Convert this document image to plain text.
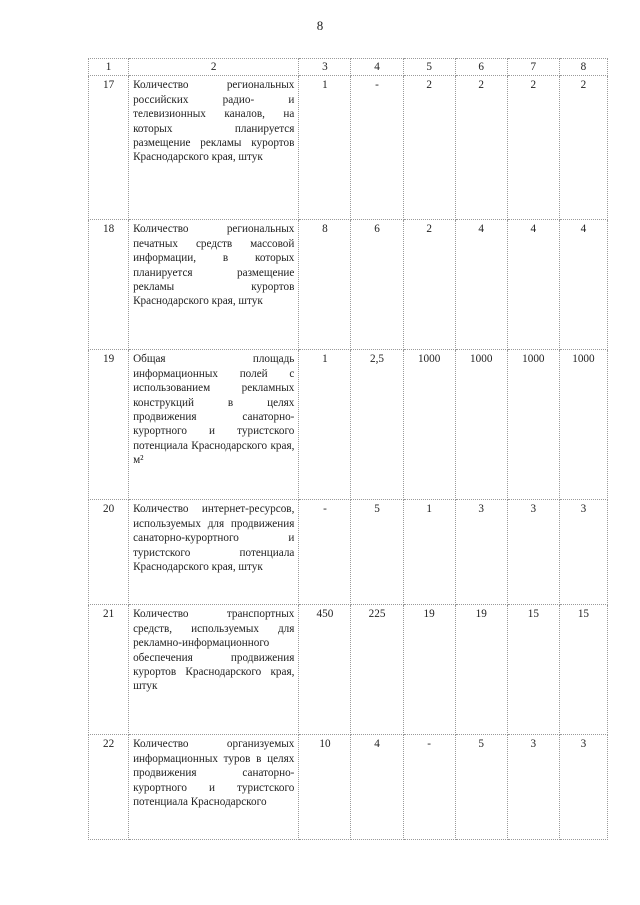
8
1	2	3	4	5	6	7	8
17	Количество региональных российских радио- и телевизионных каналов, на которых планируется размещение рекламы курортов Краснодарского края, штук	1	-	2	2	2	2
18	Количество региональных печатных средств массовой информации, в которых планируется размещение рекламы курортов Краснодарского края, штук	8	6	2	4	4	4
19	Общая площадь информационных полей с использованием рекламных конструкций в целях продвижения санаторно-курортного и туристского потенциала Краснодарского края, м²	1	2,5	1000	1000	1000	1000
20	Количество интернет-ресурсов, используемых для продвижения санаторно-курортного и туристского потенциала Краснодарского края, штук	-	5	1	3	3	3
21	Количество транспортных средств, используемых для рекламно-информационного обеспечения продвижения курортов Краснодарского края, штук	450	225	19	19	15	15
22	Количество организуемых информационных туров в целях продвижения санаторно-курортного и туристского потенциала Краснодарского	10	4	-	5	3	3
